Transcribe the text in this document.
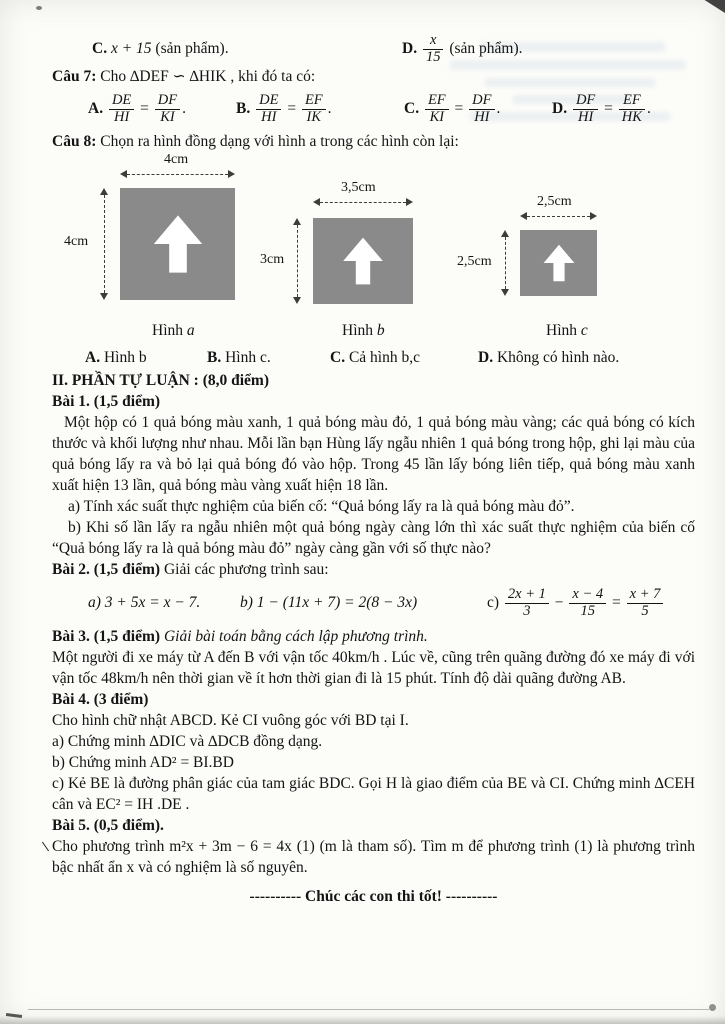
C. x + 15 (sản phẩm).	D. $\frac{x}{15}$ (sản phẩm).

Câu 7: Cho ∆DEF ∽ ∆HIK , khi đó ta có:

A. $\frac{DE}{HI} = \frac{DF}{KI}$ .	B. $\frac{DE}{HI} = \frac{EF}{IK}$ .	C. $\frac{EF}{KI} = \frac{DF}{HI}$ .	D. $\frac{DF}{HI} = \frac{EF}{HK}$ .

Câu 8: Chọn ra hình đồng dạng với hình a trong các hình còn lại:

4cm
4cm
3,5cm
3cm
2,5cm
2,5cm
Hình a	Hình b	Hình c
A. Hình b	B. Hình c.	C. Cả hình b,c	D. Không có hình nào.

II. PHẦN TỰ LUẬN : (8,0 điểm)

Bài 1. (1,5 điểm)

Một hộp có 1 quả bóng màu xanh, 1 quả bóng màu đỏ, 1 quả bóng màu vàng; các quả bóng có kích thước và khối lượng như nhau. Mỗi lần bạn Hùng lấy ngẫu nhiên 1 quả bóng trong hộp, ghi lại màu của quả bóng lấy ra và bỏ lại quả bóng đó vào hộp. Trong 45 lần lấy bóng liên tiếp, quả bóng màu xanh xuất hiện 13 lần, quả bóng màu vàng xuất hiện 18 lần.

a) Tính xác suất thực nghiệm của biến cố: “Quả bóng lấy ra là quả bóng màu đỏ”.

b) Khi số lần lấy ra ngẫu nhiên một quả bóng ngày càng lớn thì xác suất thực nghiệm của biến cố “Quả bóng lấy ra là quả bóng màu đỏ” ngày càng gần với số thực nào?

Bài 2. (1,5 điểm) Giải các phương trình sau:

a) 3 + 5x = x − 7.	b) 1 − (11x + 7) = 2(8 − 3x)	$c) \frac{2x + 1}{3} - \frac{x - 4}{15} = \frac{x + 7}{5}$

Bài 3. (1,5 điểm) Giải bài toán bằng cách lập phương trình.

Một người đi xe máy từ A đến B với vận tốc 40km/h . Lúc về, cũng trên quãng đường đó xe máy đi với vận tốc 48km/h nên thời gian về ít hơn thời gian đi là 15 phút. Tính độ dài quãng đường AB.

Bài 4. (3 điểm)

Cho hình chữ nhật ABCD. Kẻ CI vuông góc với BD tại I.

a) Chứng minh ∆DIC và ∆DCB đồng dạng.

b) Chứng minh AD² = BI.BD

c) Kẻ BE là đường phân giác của tam giác BDC. Gọi H là giao điểm của BE và CI. Chứng minh ∆CEH cân và EC² = IH .DE .

Bài 5. (0,5 điểm).

Cho phương trình m²x + 3m − 6 = 4x (1) (m là tham số). Tìm m để phương trình (1) là phương trình bậc nhất ẩn x và có nghiệm là số nguyên.

---------- Chúc các con thi tốt! ----------
